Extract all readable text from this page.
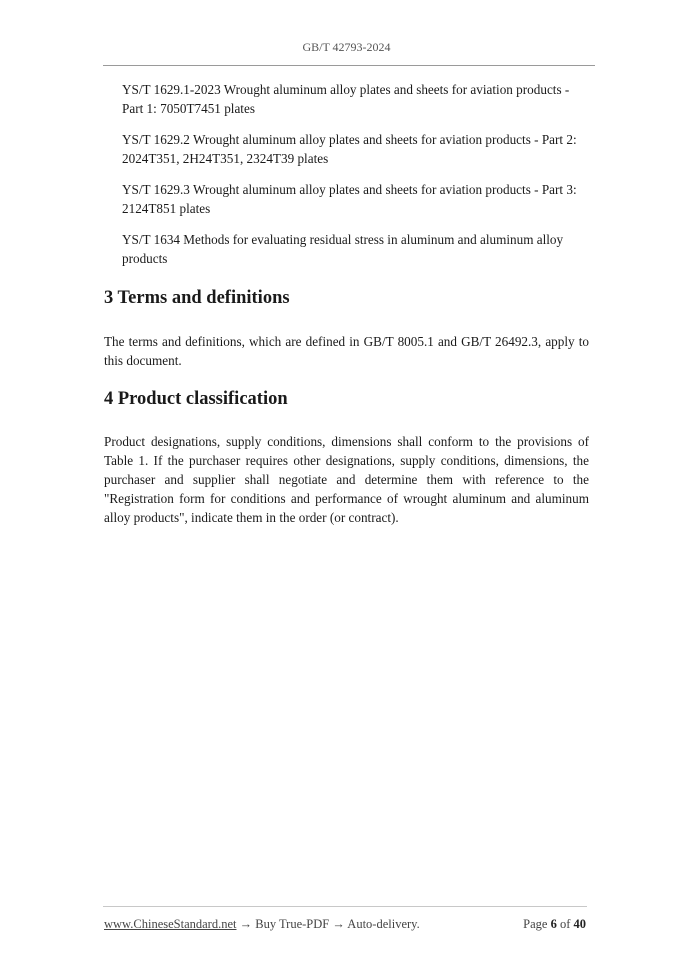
GB/T 42793-2024

YS/T 1629.1-2023 Wrought aluminum alloy plates and sheets for aviation products - Part 1: 7050T7451 plates

YS/T 1629.2 Wrought aluminum alloy plates and sheets for aviation products - Part 2: 2024T351, 2H24T351, 2324T39 plates

YS/T 1629.3 Wrought aluminum alloy plates and sheets for aviation products - Part 3: 2124T851 plates

YS/T 1634 Methods for evaluating residual stress in aluminum and aluminum alloy products

3 Terms and definitions

The terms and definitions, which are defined in GB/T 8005.1 and GB/T 26492.3, apply to this document.

4 Product classification

Product designations, supply conditions, dimensions shall conform to the provisions of Table 1. If the purchaser requires other designations, supply conditions, dimensions, the purchaser and supplier shall negotiate and determine them with reference to the "Registration form for conditions and performance of wrought aluminum and aluminum alloy products", indicate them in the order (or contract).

www.ChineseStandard.net → Buy True-PDF → Auto-delivery.	Page 6 of 40
